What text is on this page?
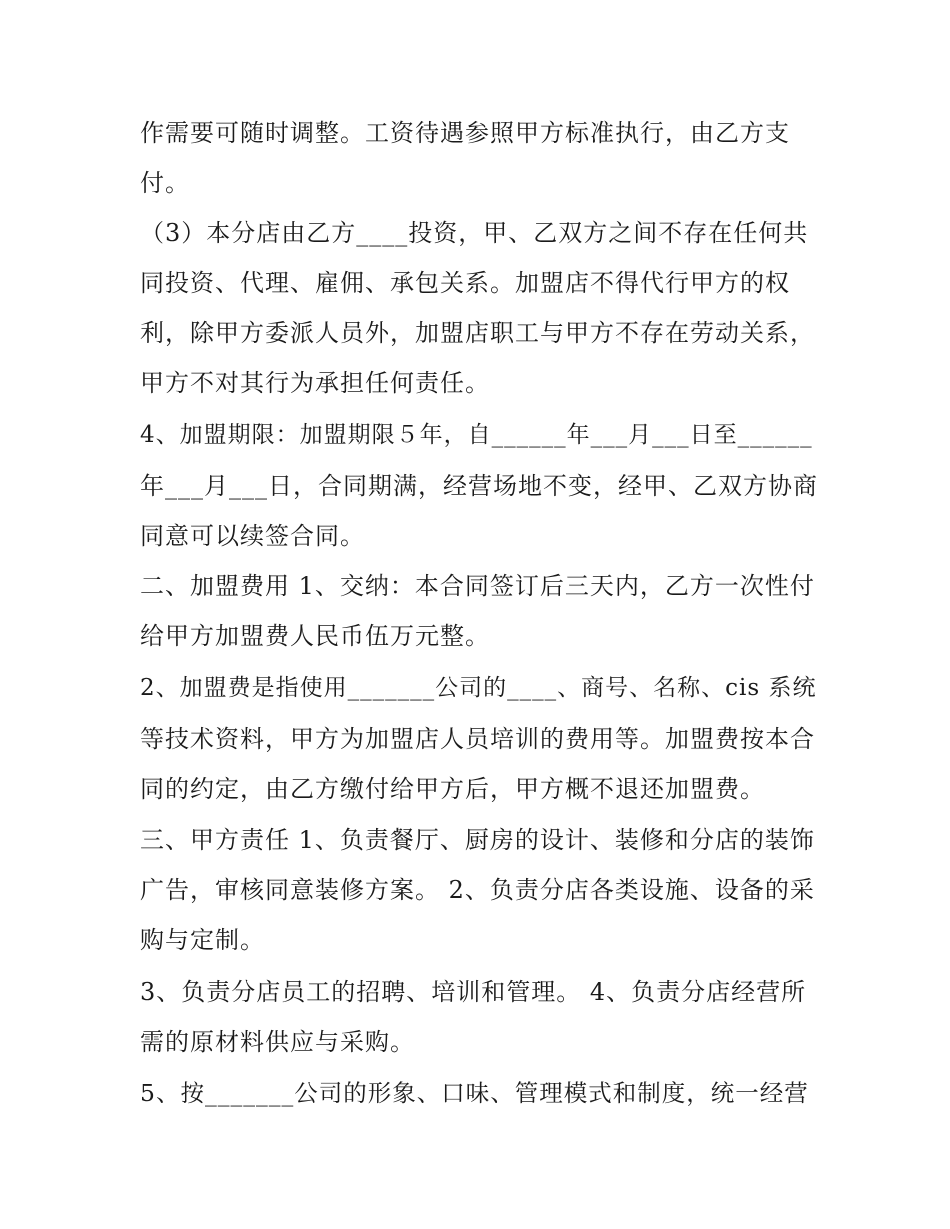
作需要可随时调整。工资待遇参照甲方标准执行，由乙方支
付。
（3）本分店由乙方____投资，甲、乙双方之间不存在任何共
同投资、代理、雇佣、承包关系。加盟店不得代行甲方的权
利，除甲方委派人员外，加盟店职工与甲方不存在劳动关系，
甲方不对其行为承担任何责任。
4、加盟期限：加盟期限５年，自______年___月___日至______
年___月___日，合同期满，经营场地不变，经甲、乙双方协商
同意可以续签合同。
二、加盟费用 1、交纳：本合同签订后三天内，乙方一次性付
给甲方加盟费人民币伍万元整。
2、加盟费是指使用_______公司的____、商号、名称、cis 系统
等技术资料，甲方为加盟店人员培训的费用等。加盟费按本合
同的约定，由乙方缴付给甲方后，甲方概不退还加盟费。
三、甲方责任 1、负责餐厅、厨房的设计、装修和分店的装饰
广告，审核同意装修方案。 2、负责分店各类设施、设备的采
购与定制。
3、负责分店员工的招聘、培训和管理。 4、负责分店经营所
需的原材料供应与采购。
5、按_______公司的形象、口味、管理模式和制度，统一经营
